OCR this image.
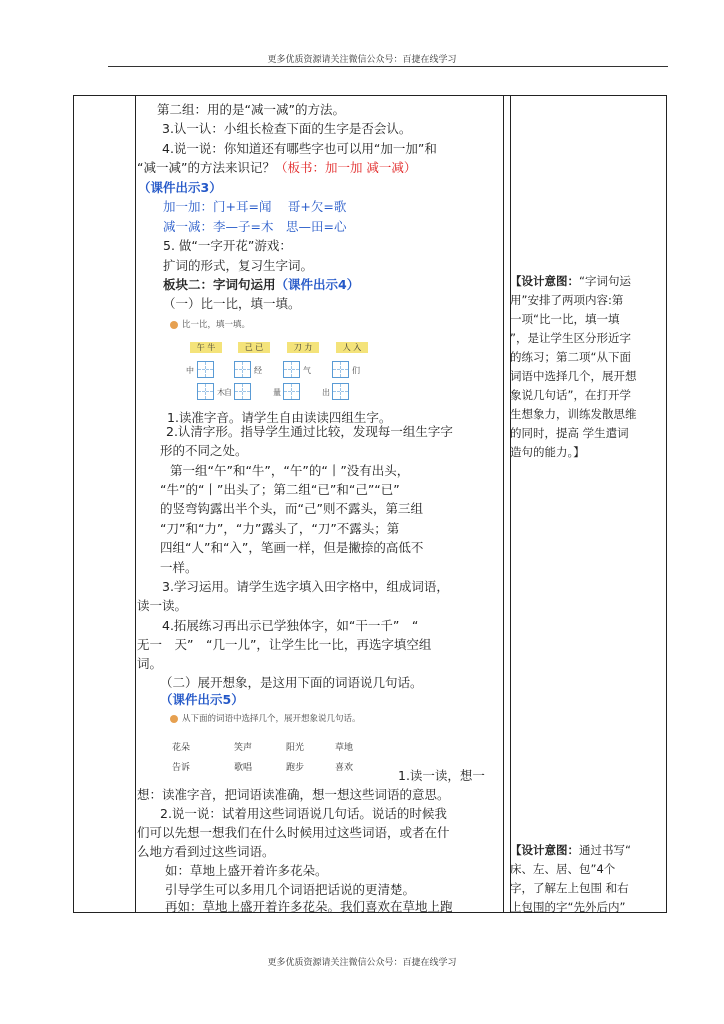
更多优质资源请关注微信公众号：百捷在线学习
第二组：用的是“减一减”的方法。
3.认一认：小组长检查下面的生字是否会认。
4.说一说：你知道还有哪些字也可以用“加一加”和
“减一减”的方法来识记？（板书：加一加 减一减）
（课件出示3）
加一加：门+耳=闻　 哥+欠=歌
减一减：李—子=木　思—田=心
5. 做“一字开花”游戏：
扩词的形式，复习生字词。
板块二：字词句运用（课件出示4）
（一）比一比，填一填。
比一比，填一填。
午 牛	己 已	刀 力	人 入
中	经	气	们
木 自	量	出
1.读准字音。请学生自由读读四组生字。
2.认清字形。指导学生通过比较，发现每一组生字字
形的不同之处。
第一组“午”和“牛”，“午”的“丨”没有出头，
“牛”的“丨”出头了；第二组“已”和“己”“已”
的竖弯钩露出半个头，而“己”则不露头，第三组
“刀”和“力”，“力”露头了，“刀”不露头；第
四组“人”和“入”，笔画一样，但是撇捺的高低不
一样。
3.学习运用。请学生选字填入田字格中，组成词语，
读一读。
4.拓展练习再出示已学独体字，如“干一千”　“
无一　天”　“几一儿”，让学生比一比，再选字填空组
词。
（二）展开想象，是这用下面的词语说几句话。
（课件出示5）
从下面的词语中选择几个，展开想象说几句话。
花朵	笑声	阳光	草地
告诉	歌唱	跑步	喜欢	1.读一读，想一
想：读准字音，把词语读准确，想一想这些词语的意思。
2.说一说：试着用这些词语说几句话。说话的时候我
们可以先想一想我们在什么时候用过这些词语，或者在什
么地方看到过这些词语。
如：草地上盛开着许多花朵。
引导学生可以多用几个词语把话说的更清楚。
再如：草地上盛开着许多花朵。我们喜欢在草地上跑
【设计意图：“字词句运
用”安排了两项内容:第
一项“比一比，填一填
”，是让学生区分形近字
的练习；第二项“从下面
词语中选择几个，展开想
象说几句话”，在打开学
生想象力，训练发散思维
的同时，提高 学生遣词
造句的能力。】
【设计意图：通过书写“
床、左、居、包”4个
字，了解左上包围 和右
上包围的字“先外后内”
更多优质资源请关注微信公众号：百捷在线学习
